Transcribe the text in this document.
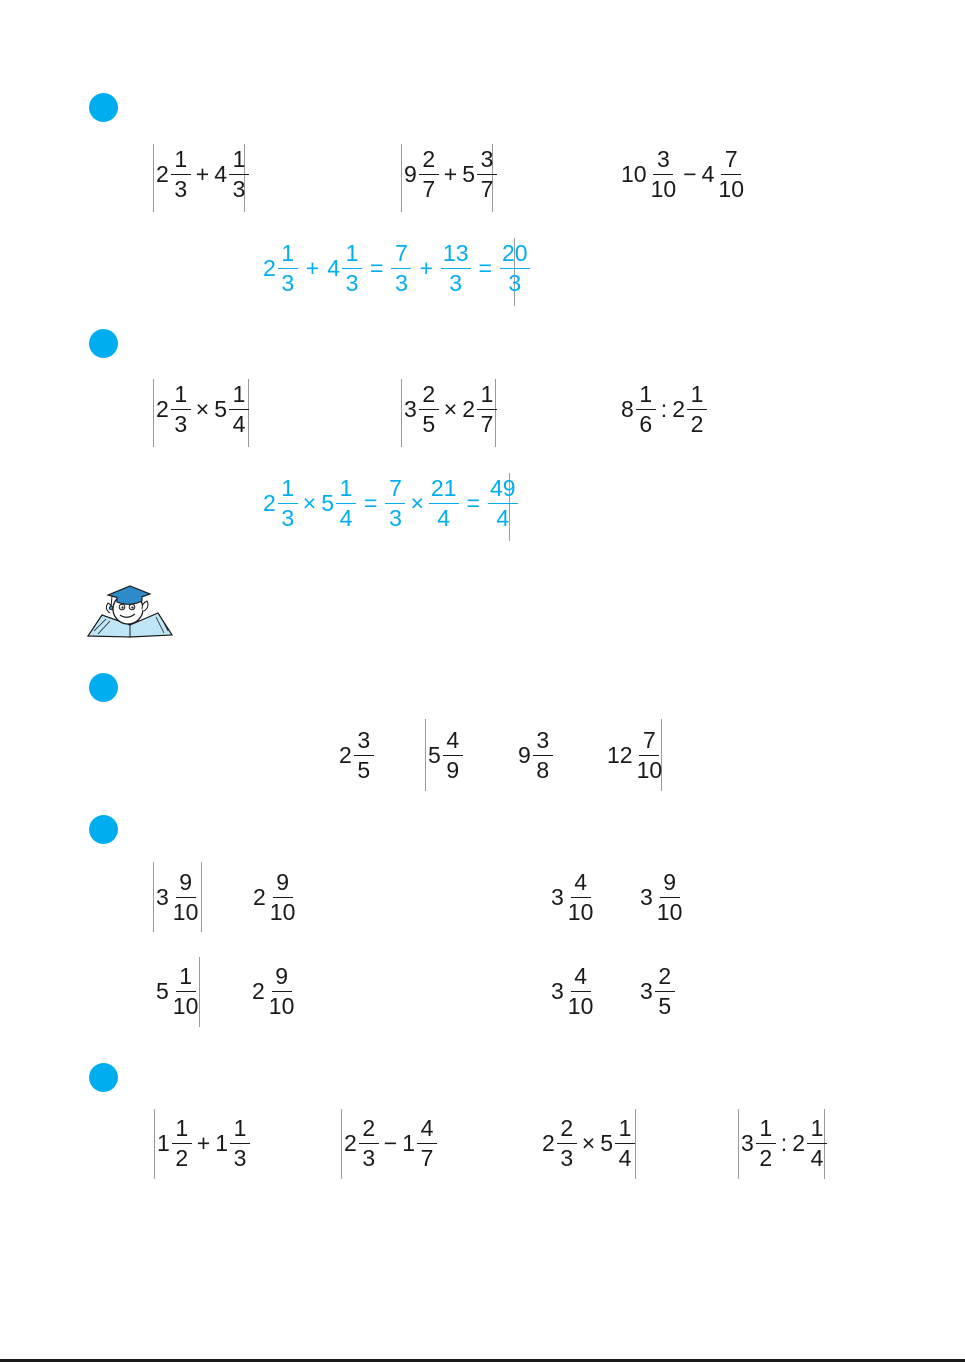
$2 \frac{1}{3} + 4 \frac{1}{3}$	$9 \frac{2}{7} + 5 \frac{3}{7}$	$10 \frac{3}{10} - 4 \frac{7}{10}$
$2 \frac{1}{3} + 4 \frac{1}{3} = \frac{7}{3} + \frac{13}{3} = \frac{20}{3}$
$2 \frac{1}{3} \times 5 \frac{1}{4}$	$3 \frac{2}{5} \times 2 \frac{1}{7}$	$8 \frac{1}{6}$ : $2 \frac{1}{2}$
$2 \frac{1}{3} \times 5 \frac{1}{4} = \frac{7}{3} \times \frac{21}{4} = \frac{49}{4}$
$2 \frac{3}{5} 5 \frac{4}{9} 9 \frac{3}{8} 12 \frac{7}{10}$
$3 \frac{9}{10} 2 \frac{9}{10}$	$3 \frac{4}{10} 3 \frac{9}{10}$
$5 \frac{1}{10} 2 \frac{9}{10}$	$3 \frac{4}{10} 3 \frac{2}{5}$
$1 \frac{1}{2} + 1 \frac{1}{3}$	$2 \frac{2}{3} - 1 \frac{4}{7}$	$2 \frac{2}{3} \times 5 \frac{1}{4}$	$3 \frac{1}{2}$ : $2 \frac{1}{4}$
